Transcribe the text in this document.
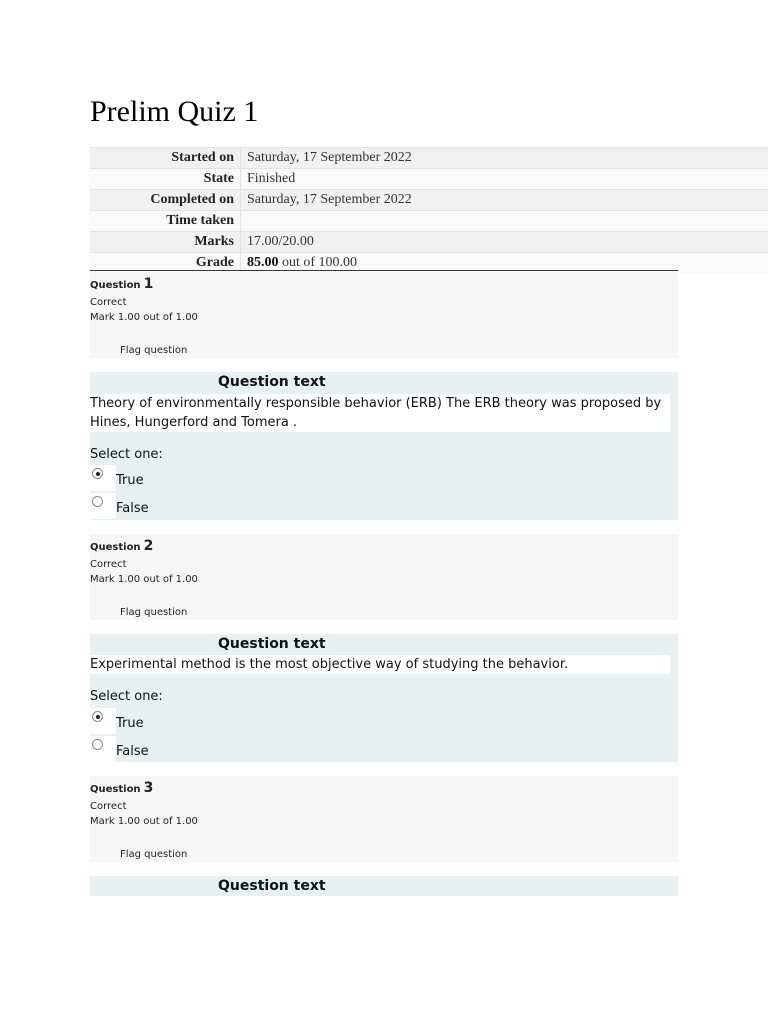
Prelim Quiz 1
Started on	Saturday, 17 September 2022
State	Finished
Completed on	Saturday, 17 September 2022
Time taken	
Marks	17.00/20.00
Grade	85.00 out of 100.00
Question 1
Correct
Mark 1.00 out of 1.00
Flag question
Question text
Theory of environmentally responsible behavior (ERB) The ERB theory was proposed by Hines, Hungerford and Tomera .
Select one:
True
False
Question 2
Correct
Mark 1.00 out of 1.00
Flag question
Question text
Experimental method is the most objective way of studying the behavior.
Select one:
True
False
Question 3
Correct
Mark 1.00 out of 1.00
Flag question
Question text
